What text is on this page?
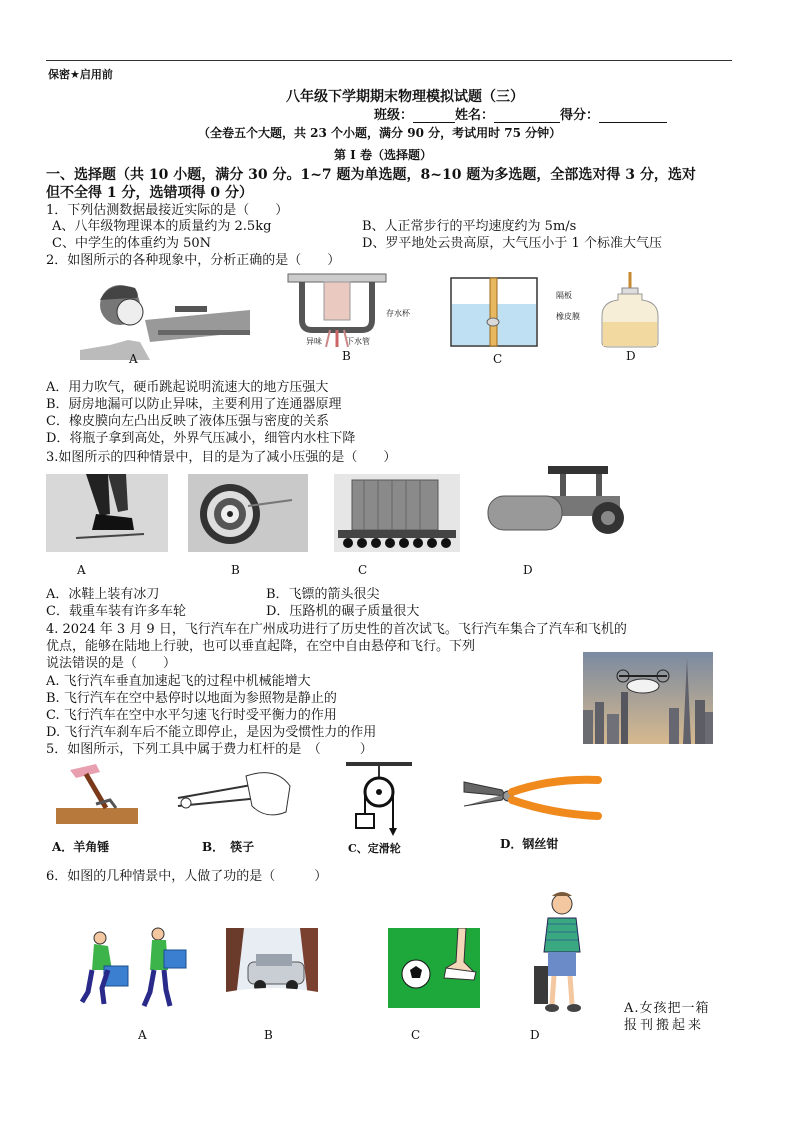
保密★启用前
八年级下学期期末物理模拟试题（三）
班级：	姓名：	得分：
（全卷五个大题，共 23 个小题，满分 90 分，考试用时 75 分钟）
第 I 卷（选择题）
一、选择题（共 10 小题，满分 30 分。1~7 题为单选题，8~10 题为多选题，全部选对得 3 分，选对
但不全得 1 分，选错项得 0 分）
1．下列估测数据最接近实际的是（　　）
A、八年级物理课本的质量约为 2.5kg	B、人正常步行的平均速度约为 5m/s
C、中学生的体重约为 50N	D、罗平地处云贵高原，大气压小于 1 个标准大气压
2．如图所示的各种现象中，分析正确的是（　　）
A
存水杯
异味	下水管
B
隔板
橡皮膜
C	D
A．用力吹气，硬币跳起说明流速大的地方压强大
B．厨房地漏可以防止异味，主要利用了连通器原理
C．橡皮膜向左凸出反映了液体压强与密度的关系
D．将瓶子拿到高处，外界气压减小，细管内水柱下降
3.如图所示的四种情景中，目的是为了减小压强的是（　　）
A	B	C	D
A．冰鞋上装有冰刀	B．飞镖的箭头很尖
C．载重车装有许多车轮	D．压路机的碾子质量很大
4. 2024 年 3 月 9 日，飞行汽车在广州成功进行了历史性的首次试飞。飞行汽车集合了汽车和飞机的
优点，能够在陆地上行驶，也可以垂直起降，在空中自由悬停和飞行。下列
说法错误的是（　　）
A. 飞行汽车垂直加速起飞的过程中机械能增大
B. 飞行汽车在空中悬停时以地面为参照物是静止的
C. 飞行汽车在空中水平匀速飞行时受平衡力的作用
D. 飞行汽车刹车后不能立即停止，是因为受惯性力的作用
5．如图所示，下列工具中属于费力杠杆的是　（　　　）
A．羊角锤	B．　筷子	C、定滑轮	D．钢丝钳
6．如图的几种情景中，人做了功的是（　　　）
A	B	C	D
A.女孩把一箱
报刊搬起来
